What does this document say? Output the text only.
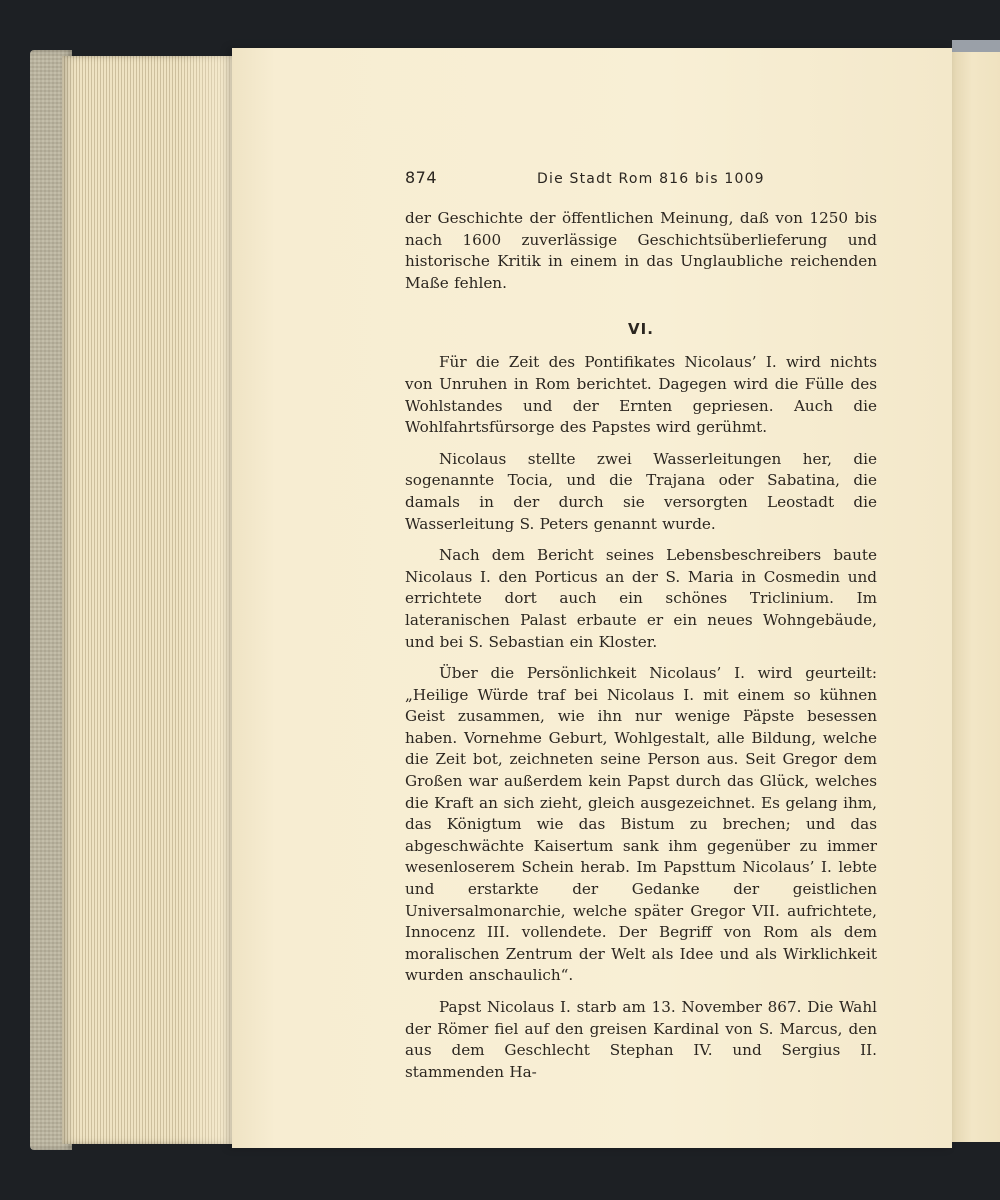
874	Die Stadt Rom 816 bis 1009

der Geschichte der öffentlichen Meinung, daß von 1250 bis nach 1600 zuverlässige Geschichtsüberlieferung und historische Kritik in einem in das Unglaubliche reichenden Maße fehlen.

VI.

Für die Zeit des Pontifikates Nicolaus’ I. wird nichts von Unruhen in Rom berichtet. Dagegen wird die Fülle des Wohlstandes und der Ernten gepriesen. Auch die Wohlfahrtsfürsorge des Papstes wird gerühmt.

Nicolaus stellte zwei Wasserleitungen her, die sogenannte Tocia, und die Trajana oder Sabatina, die damals in der durch sie versorgten Leostadt die Wasserleitung S. Peters genannt wurde.

Nach dem Bericht seines Lebensbeschreibers baute Nicolaus I. den Porticus an der S. Maria in Cosmedin und errichtete dort auch ein schönes Triclinium. Im lateranischen Palast erbaute er ein neues Wohngebäude, und bei S. Sebastian ein Kloster.

Über die Persönlichkeit Nicolaus’ I. wird geurteilt: „Heilige Würde traf bei Nicolaus I. mit einem so kühnen Geist zusammen, wie ihn nur wenige Päpste besessen haben. Vornehme Geburt, Wohlgestalt, alle Bildung, welche die Zeit bot, zeichneten seine Person aus. Seit Gregor dem Großen war außerdem kein Papst durch das Glück, welches die Kraft an sich zieht, gleich ausgezeichnet. Es gelang ihm, das Königtum wie das Bistum zu brechen; und das abgeschwächte Kaisertum sank ihm gegenüber zu immer wesenloserem Schein herab. Im Papsttum Nicolaus’ I. lebte und erstarkte der Gedanke der geistlichen Universalmonarchie, welche später Gregor VII. aufrichtete, Innocenz III. vollendete. Der Begriff von Rom als dem moralischen Zentrum der Welt als Idee und als Wirklichkeit wurden anschaulich“.

Papst Nicolaus I. starb am 13. November 867. Die Wahl der Römer fiel auf den greisen Kardinal von S. Marcus, den aus dem Geschlecht Stephan IV. und Sergius II. stammenden Ha-
